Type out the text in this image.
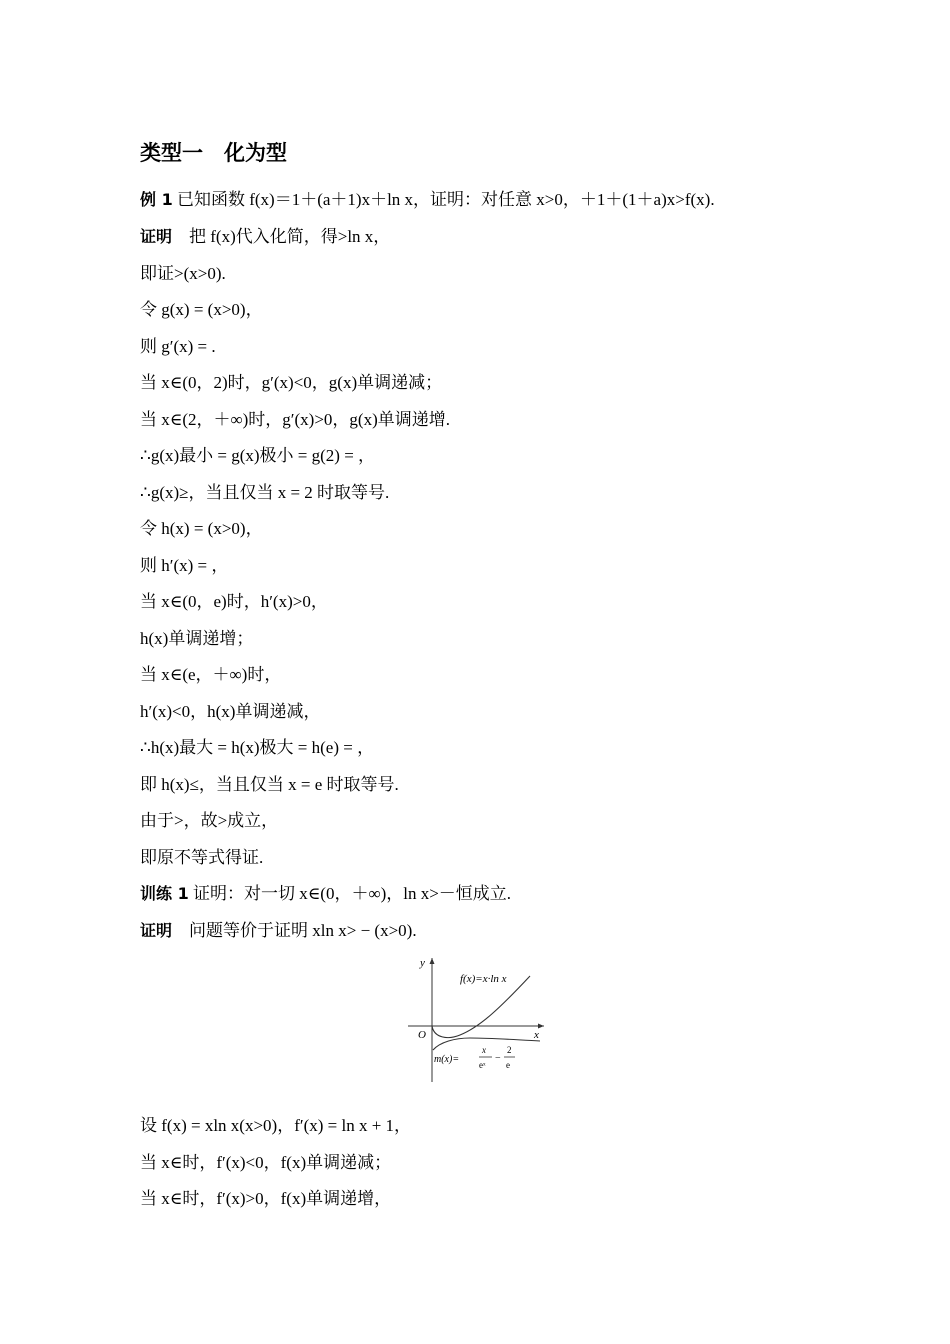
类型一　化为型
例 1 已知函数 f(x)＝1＋(a＋1)x＋ln x，证明：对任意 x>0，＋1＋(1＋a)x>f(x).
证明　把 f(x)代入化简，得>ln x，
即证>(x>0).
令 g(x) = (x>0)，
则 g′(x) = .
当 x∈(0，2)时，g′(x)<0，g(x)单调递减；
当 x∈(2，＋∞)时，g′(x)>0，g(x)单调递增.
∴g(x)最小 = g(x)极小 = g(2) = ，
∴g(x)≥，当且仅当 x = 2 时取等号.
令 h(x) = (x>0)，
则 h′(x) = ，
当 x∈(0，e)时，h′(x)>0，
h(x)单调递增；
当 x∈(e，＋∞)时，
h′(x)<0，h(x)单调递减，
∴h(x)最大 = h(x)极大 = h(e) = ，
即 h(x)≤，当且仅当 x = e 时取等号.
由于>，故>成立，
即原不等式得证.
训练 1 证明：对一切 x∈(0，＋∞)，ln x>－恒成立.
证明　问题等价于证明 xln x> − (x>0).
y
x
O
f(x)=x·ln x
m(x)=
x
eˣ
−
2
e
设 f(x) = xln x(x>0)，f′(x) = ln x + 1，
当 x∈时，f′(x)<0，f(x)单调递减；
当 x∈时，f′(x)>0，f(x)单调递增，
